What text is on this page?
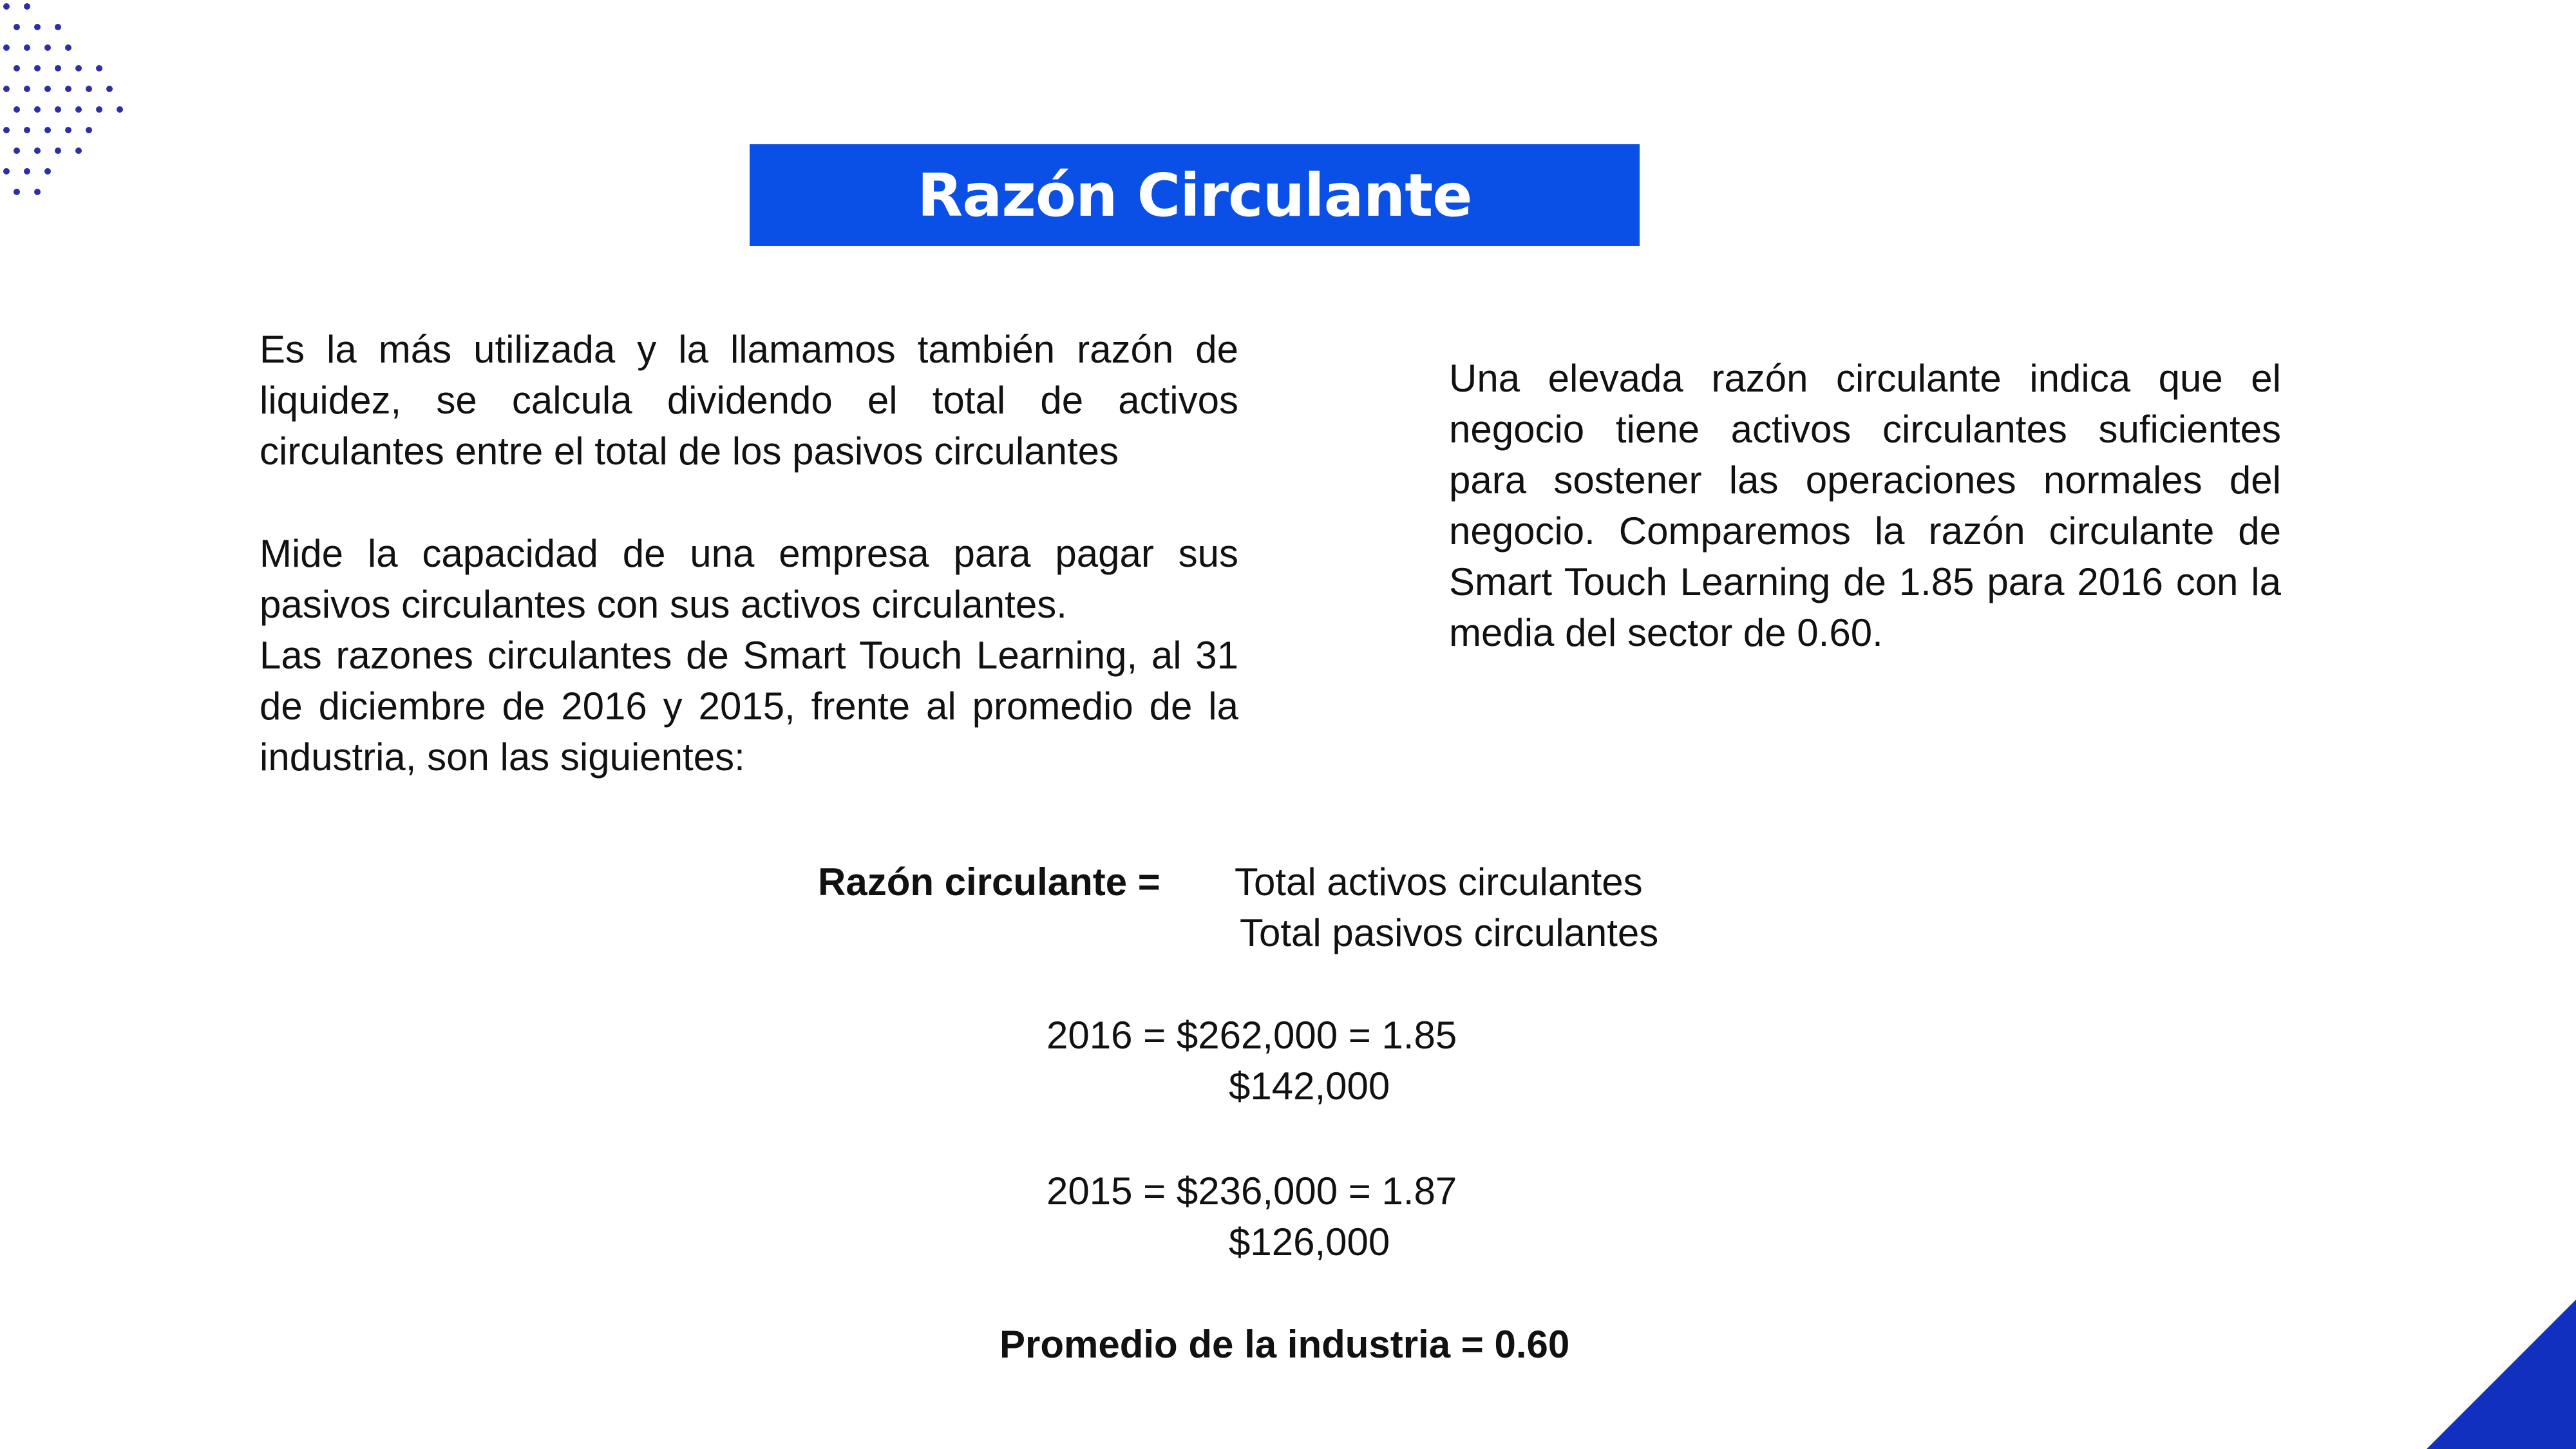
Razón Circulante

Es la más utilizada y la llamamos también razón de liquidez, se calcula dividendo el total de activos circulantes entre el total de los pasivos circulantes

Mide la capacidad de una empresa para pagar sus pasivos circulantes con sus activos circulantes.

Las razones circulantes de Smart Touch Learning, al 31 de diciembre de 2016 y 2015, frente al promedio de la industria, son las siguientes:

Una elevada razón circulante indica que el negocio tiene activos circulantes suficientes para sostener las operaciones normales del negocio. Comparemos la razón circulante de Smart Touch Learning de 1.85 para 2016 con la media del sector de 0.60.

Razón circulante = Total activos circulantes
Total pasivos circulantes
2016 = $262,000 = 1.85
$142,000
2015 = $236,000 = 1.87
$126,000
Promedio de la industria = 0.60
